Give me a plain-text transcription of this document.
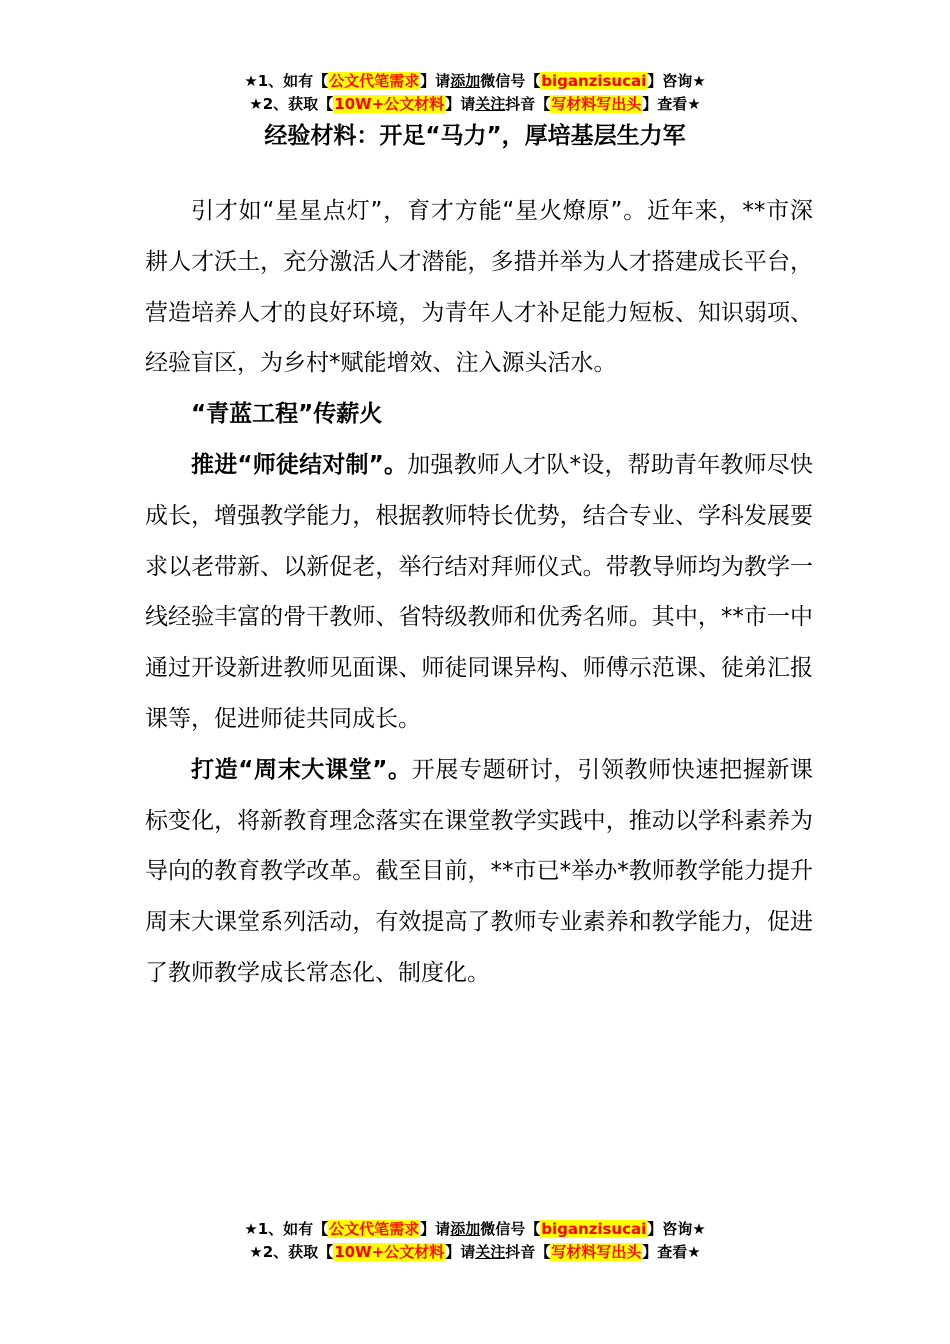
★1、如有【公文代笔需求】请添加微信号【biganzisucai】咨询★
★2、获取【10W+公文材料】请关注抖音【写材料写出头】查看★
经验材料：开足“马力”，厚培基层生力军

引才如“星星点灯”，育才方能“星火燎原”。近年来，**市深耕人才沃土，充分激活人才潜能，多措并举为人才搭建成长平台，营造培养人才的良好环境，为青年人才补足能力短板、知识弱项、经验盲区，为乡村*赋能增效、注入源头活水。

“青蓝工程”传薪火

推进“师徒结对制”。加强教师人才队*设，帮助青年教师尽快成长，增强教学能力，根据教师特长优势，结合专业、学科发展要求以老带新、以新促老，举行结对拜师仪式。带教导师均为教学一线经验丰富的骨干教师、省特级教师和优秀名师。其中，**市一中通过开设新进教师见面课、师徒同课异构、师傅示范课、徒弟汇报课等，促进师徒共同成长。

打造“周末大课堂”。开展专题研讨，引领教师快速把握新课标变化，将新教育理念落实在课堂教学实践中，推动以学科素养为导向的教育教学改革。截至目前，**市已*举办*教师教学能力提升周末大课堂系列活动，有效提高了教师专业素养和教学能力，促进了教师教学成长常态化、制度化。

★1、如有【公文代笔需求】请添加微信号【biganzisucai】咨询★
★2、获取【10W+公文材料】请关注抖音【写材料写出头】查看★
